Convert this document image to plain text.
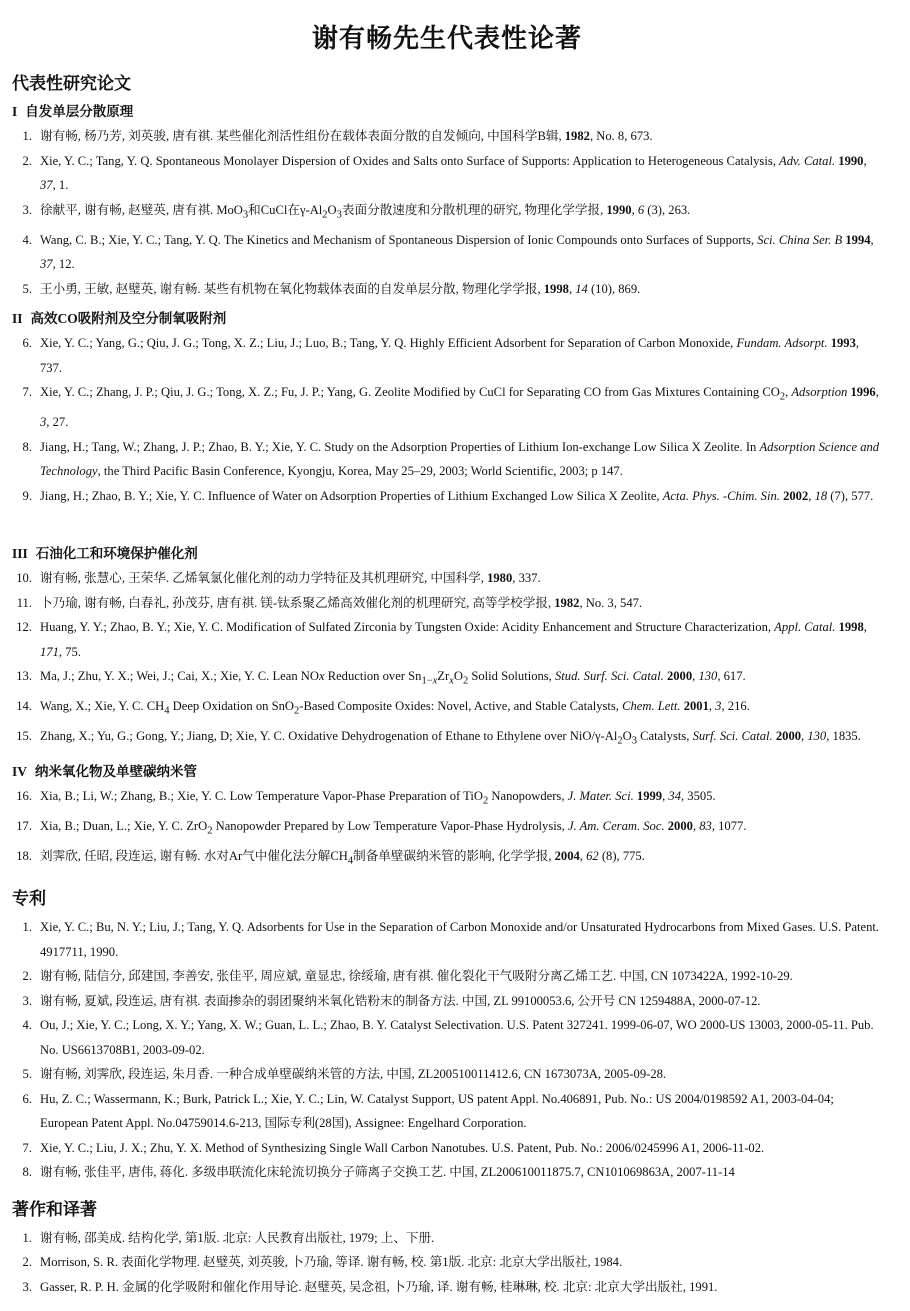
谢有畅先生代表性论著
代表性研究论文
I 自发单层分散原理
1. 谢有畅, 杨乃芳, 刘英骏, 唐有祺. 某些催化剂活性组份在载体表面分散的自发倾向, 中国科学B辑, 1982, No. 8, 673.
2. Xie, Y. C.; Tang, Y. Q. Spontaneous Monolayer Dispersion of Oxides and Salts onto Surface of Supports: Application to Heterogeneous Catalysis, Adv. Catal. 1990, 37, 1.
3. 徐献平, 谢有畅, 赵璧英, 唐有祺. MoO$_3$和CuCl在$\gamma-Al_2O_3$表面分散速度和分散机理的研究, 物理化学学报, 1990, 6 (3), 263.
4. Wang, C. B.; Xie, Y. C.; Tang, Y. Q. The Kinetics and Mechanism of Spontaneous Dispersion of Ionic Compounds onto Surfaces of Supports, Sci. China Ser. B 1994, 37, 12.
5. 王小勇, 王敏, 赵璧英, 谢有畅. 某些有机物在氧化物载体表面的自发单层分散, 物理化学学报, 1998, 14 (10), 869.
II 高效CO吸附剂及空分制氧吸附剂
6. Xie, Y. C.; Yang, G.; Qiu, J. G.; Tong, X. Z.; Liu, J.; Luo, B.; Tang, Y. Q. Highly Efficient Adsorbent for Separation of Carbon Monoxide, Fundam. Adsorpt. 1993, 737.
7. Xie, Y. C.; Zhang, J. P.; Qiu, J. G.; Tong, X. Z.; Fu, J. P.; Yang, G. Zeolite Modified by CuCl for Separating CO from Gas Mixtures Containing $CO_2$, Adsorption 1996, 3, 27.
8. Jiang, H.; Tang, W.; Zhang, J. P.; Zhao, B. Y.; Xie, Y. C. Study on the Adsorption Properties of Lithium Ion-exchange Low Silica X Zeolite. In Adsorption Science and Technology, the Third Pacific Basin Conference, Kyongju, Korea, May 25–29, 2003; World Scientific, 2003; p 147.
9. Jiang, H.; Zhao, B. Y.; Xie, Y. C. Influence of Water on Adsorption Properties of Lithium Exchanged Low Silica X Zeolite, Acta. Phys. -Chim. Sin. 2002, 18 (7), 577.
III 石油化工和环境保护催化剂
10. 谢有畅, 张慧心, 王荣华. 乙烯氧氯化催化剂的动力学特征及其机理研究, 中国科学, 1980, 337.
11. 卜乃瑜, 谢有畅, 白春礼, 孙茂芬, 唐有祺. 镁-钛系聚乙烯高效催化剂的机理研究, 高等学校学报, 1982, No. 3, 547.
12. Huang, Y. Y.; Zhao, B. Y.; Xie, Y. C. Modification of Sulfated Zirconia by Tungsten Oxide: Acidity Enhancement and Structure Characterization, Appl. Catal. 1998, 171, 75.
13. Ma, J.; Zhu, Y. X.; Wei, J.; Cai, X.; Xie, Y. C. Lean NOx Reduction over $Sn_{1-x}Zr_xO_2$ Solid Solutions, Stud. Surf. Sci. Catal. 2000, 130, 617.
14. Wang, X.; Xie, Y. C. $CH_4$ Deep Oxidation on SnO$_2$-Based Composite Oxides: Novel, Active, and Stable Catalysts, Chem. Lett. 2001, 3, 216.
15. Zhang, X.; Yu, G.; Gong, Y.; Jiang, D; Xie, Y. C. Oxidative Dehydrogenation of Ethane to Ethylene over NiO/$\gamma-Al_2O_3$ Catalysts, Surf. Sci. Catal. 2000, 130, 1835.
IV 纳米氧化物及单壁碳纳米管
16. Xia, B.; Li, W.; Zhang, B.; Xie, Y. C. Low Temperature Vapor-Phase Preparation of TiO$_2$ Nanopowders, J. Mater. Sci. 1999, 34, 3505.
17. Xia, B.; Duan, L.; Xie, Y. C. ZrO$_2$ Nanopowder Prepared by Low Temperature Vapor-Phase Hydrolysis, J. Am. Ceram. Soc. 2000, 83, 1077.
18. 刘霁欣, 任昭, 段连运, 谢有畅. 水对Ar气中催化法分解$CH_4$制备单壁碳纳米管的影响, 化学学报, 2004, 62 (8), 775.
专利
1. Xie, Y. C.; Bu, N. Y.; Liu, J.; Tang, Y. Q. Adsorbents for Use in the Separation of Carbon Monoxide and/or Unsaturated Hydrocarbons from Mixed Gases. U.S. Patent. 4917711, 1990.
2. 谢有畅, 陆信分, 邱建国, 李善安, 张佳平, 周应斌, 童显忠, 徐绥瑜, 唐有祺. 催化裂化干气吸附分离乙烯工艺. 中国, CN 1073422A, 1992-10-29.
3. 谢有畅, 夏斌, 段连运, 唐有祺. 表面掺杂的弱团聚纳米氧化锆粉末的制备方法. 中国, ZL 99100053.6, 公开号 CN 1259488A, 2000-07-12.
4. Ou, J.; Xie, Y. C.; Long, X. Y.; Yang, X. W.; Guan, L. L.; Zhao, B. Y. Catalyst Selectivation. U.S. Patent 327241. 1999-06-07, WO 2000-US 13003, 2000-05-11. Pub. No. US6613708B1, 2003-09-02.
5. 谢有畅, 刘霁欣, 段连运, 朱月香. 一种合成单壁碳纳米管的方法, 中国, ZL200510011412.6, CN 1673073A, 2005-09-28.
6. Hu, Z. C.; Wassermann, K.; Burk, Patrick L.; Xie, Y. C.; Lin, W. Catalyst Support, US patent Appl. No.406891, Pub. No.: US 2004/0198592 A1, 2003-04-04; European Patent Appl. No.04759014.6-213, 国际专利(28国), Assignee: Engelhard Corporation.
7. Xie, Y. C.; Liu, J. X.; Zhu, Y. X. Method of Synthesizing Single Wall Carbon Nanotubes. U.S. Patent, Pub. No.: 2006/0245996 A1, 2006-11-02.
8. 谢有畅, 张佳平, 唐伟, 蒋化. 多级串联流化床轮流切换分子筛离子交换工艺. 中国, ZL200610011875.7, CN101069863A, 2007-11-14
著作和译著
1. 谢有畅, 邵美成. 结构化学, 第1版. 北京: 人民教育出版社, 1979; 上、下册.
2. Morrison, S. R. 表面化学物理. 赵璧英, 刘英骏, 卜乃瑜, 等译. 谢有畅, 校. 第1版. 北京: 北京大学出版社, 1984.
3. Gasser, R. P. H. 金属的化学吸附和催化作用导论. 赵璧英, 吴念祖, 卜乃瑜, 译. 谢有畅, 桂琳琳, 校. 北京: 北京大学出版社, 1991.
